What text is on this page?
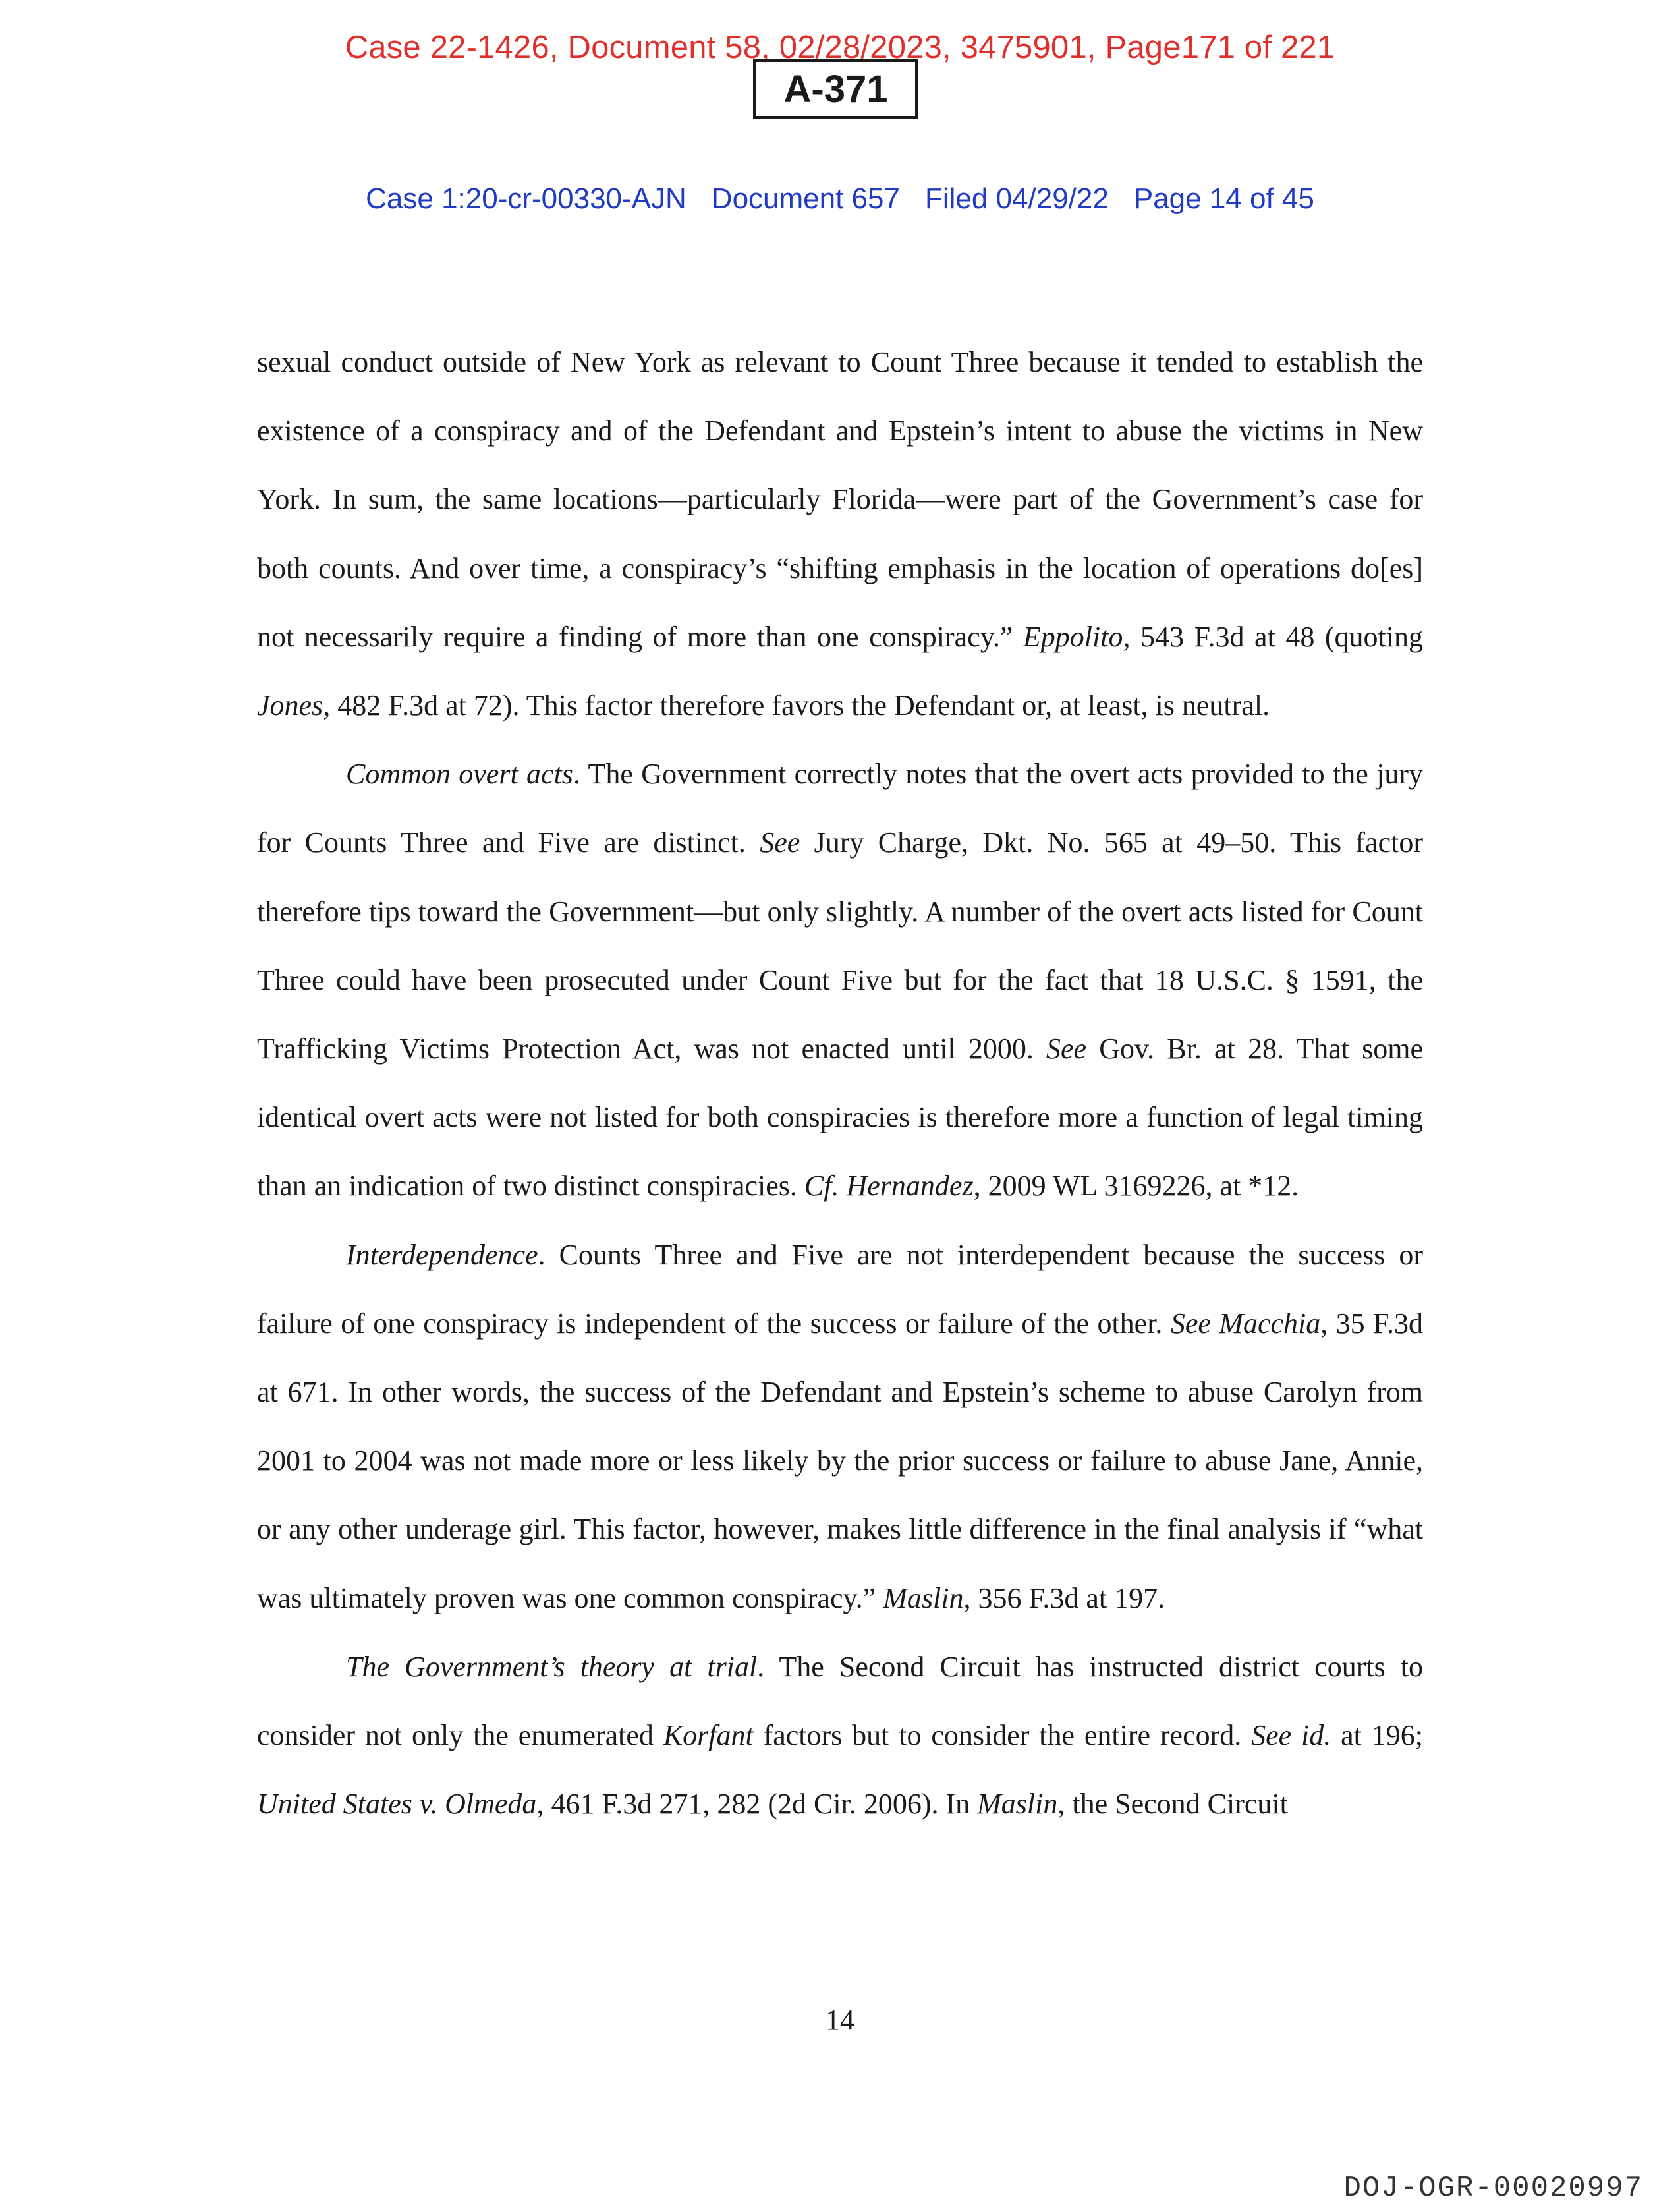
Case 22-1426, Document 58, 02/28/2023, 3475901, Page171 of 221
A-371
Case 1:20-cr-00330-AJN Document 657 Filed 04/29/22 Page 14 of 45

sexual conduct outside of New York as relevant to Count Three because it tended to establish the existence of a conspiracy and of the Defendant and Epstein’s intent to abuse the victims in New York. In sum, the same locations—particularly Florida—were part of the Government’s case for both counts. And over time, a conspiracy’s “shifting emphasis in the location of operations do[es] not necessarily require a finding of more than one conspiracy.” Eppolito, 543 F.3d at 48 (quoting Jones, 482 F.3d at 72). This factor therefore favors the Defendant or, at least, is neutral.

Common overt acts. The Government correctly notes that the overt acts provided to the jury for Counts Three and Five are distinct. See Jury Charge, Dkt. No. 565 at 49–50. This factor therefore tips toward the Government—but only slightly. A number of the overt acts listed for Count Three could have been prosecuted under Count Five but for the fact that 18 U.S.C. § 1591, the Trafficking Victims Protection Act, was not enacted until 2000. See Gov. Br. at 28. That some identical overt acts were not listed for both conspiracies is therefore more a function of legal timing than an indication of two distinct conspiracies. Cf. Hernandez, 2009 WL 3169226, at *12.

Interdependence. Counts Three and Five are not interdependent because the success or failure of one conspiracy is independent of the success or failure of the other. See Macchia, 35 F.3d at 671. In other words, the success of the Defendant and Epstein’s scheme to abuse Carolyn from 2001 to 2004 was not made more or less likely by the prior success or failure to abuse Jane, Annie, or any other underage girl. This factor, however, makes little difference in the final analysis if “what was ultimately proven was one common conspiracy.” Maslin, 356 F.3d at 197.

The Government’s theory at trial. The Second Circuit has instructed district courts to consider not only the enumerated Korfant factors but to consider the entire record. See id. at 196; United States v. Olmeda, 461 F.3d 271, 282 (2d Cir. 2006). In Maslin, the Second Circuit

14
DOJ-OGR-00020997
